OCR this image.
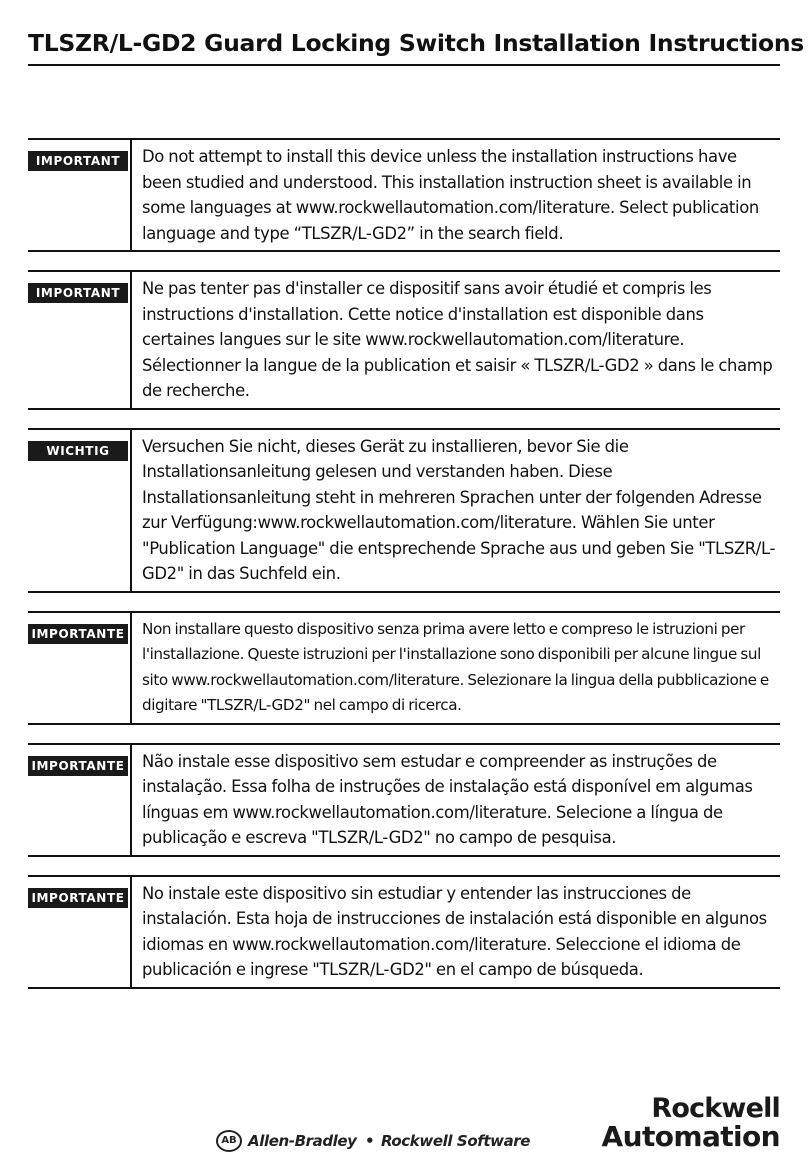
TLSZR/L-GD2 Guard Locking Switch Installation Instructions
IMPORTANT	Do not attempt to install this device unless the installation instructions have been studied and understood. This installation instruction sheet is available in some languages at www.rockwellautomation.com/literature. Select publication language and type “TLSZR/L-GD2” in the search field.
IMPORTANT	Ne pas tenter pas d'installer ce dispositif sans avoir étudié et compris les instructions d'installation. Cette notice d'installation est disponible dans certaines langues sur le site www.rockwellautomation.com/literature. Sélectionner la langue de la publication et saisir « TLSZR/L-GD2 » dans le champ de recherche.
WICHTIG	Versuchen Sie nicht, dieses Gerät zu installieren, bevor Sie die Installationsanleitung gelesen und verstanden haben. Diese Installationsanleitung steht in mehreren Sprachen unter der folgenden Adresse zur Verfügung:www.rockwellautomation.com/literature. Wählen Sie unter "Publication Language" die entsprechende Sprache aus und geben Sie "TLSZR/L-GD2" in das Suchfeld ein.
IMPORTANTE	Non installare questo dispositivo senza prima avere letto e compreso le istruzioni per l'installazione. Queste istruzioni per l'installazione sono disponibili per alcune lingue sul sito www.rockwellautomation.com/literature. Selezionare la lingua della pubblicazione e digitare "TLSZR/L-GD2" nel campo di ricerca.
IMPORTANTE	Não instale esse dispositivo sem estudar e compreender as instruções de instalação. Essa folha de instruções de instalação está disponível em algumas línguas em www.rockwellautomation.com/literature. Selecione a língua de publicação e escreva "TLSZR/L-GD2" no campo de pesquisa.
IMPORTANTE	No instale este dispositivo sin estudiar y entender las instrucciones de instalación. Esta hoja de instrucciones de instalación está disponible en algunos idiomas en www.rockwellautomation.com/literature. Seleccione el idioma de publicación e ingrese "TLSZR/L-GD2" en el campo de búsqueda.
AB Allen-Bradley • Rockwell Software
Rockwell
Automation
